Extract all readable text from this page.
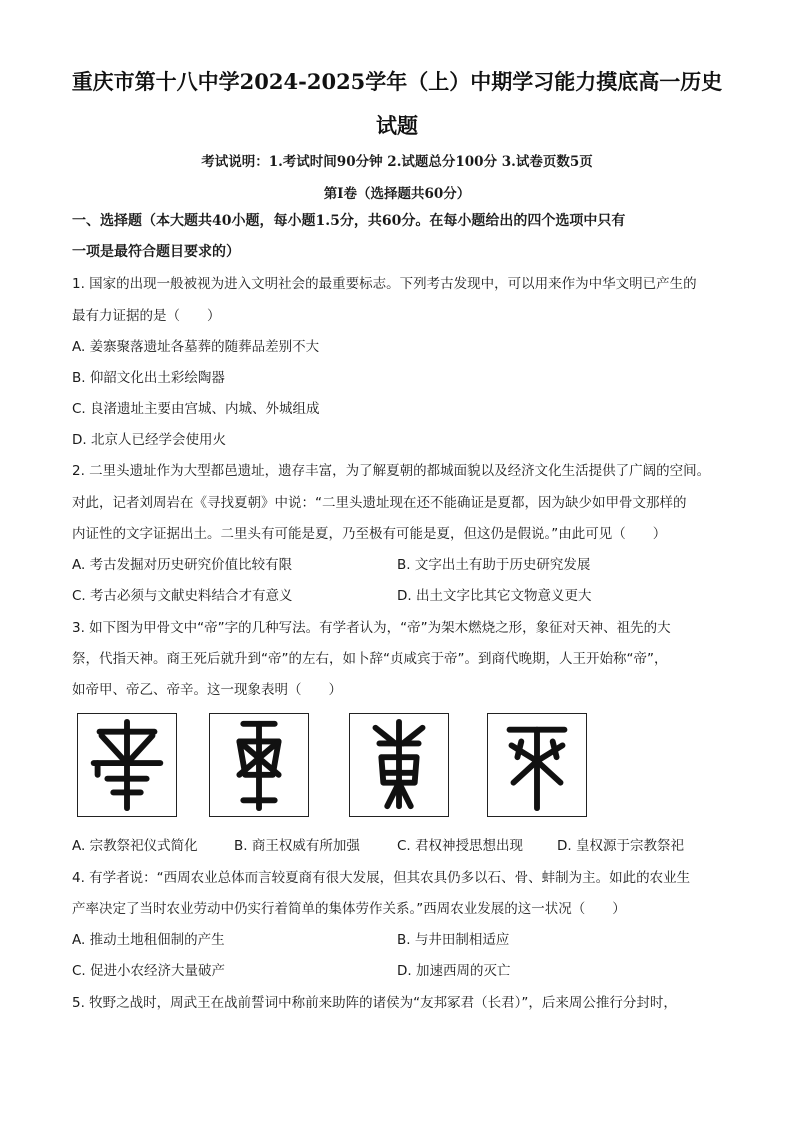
重庆市第十八中学2024-2025学年（上）中期学习能力摸底高一历史
试题
考试说明：1.考试时间90分钟 2.试题总分100分 3.试卷页数5页
第Ⅰ卷（选择题共60分）
一、选择题（本大题共40小题，每小题1.5分，共60分。在每小题给出的四个选项中只有
一项是最符合题目要求的）
1. 国家的出现一般被视为进入文明社会的最重要标志。下列考古发现中，可以用来作为中华文明已产生的
最有力证据的是（　　）
A. 姜寨聚落遗址各墓葬的随葬品差别不大
B. 仰韶文化出土彩绘陶器
C. 良渚遗址主要由宫城、内城、外城组成
D. 北京人已经学会使用火
2. 二里头遗址作为大型都邑遗址，遗存丰富，为了解夏朝的都城面貌以及经济文化生活提供了广阔的空间。
对此，记者刘周岩在《寻找夏朝》中说：“二里头遗址现在还不能确证是夏都，因为缺少如甲骨文那样的
内证性的文字证据出土。二里头有可能是夏，乃至极有可能是夏，但这仍是假说。”由此可见（　　）
A. 考古发掘对历史研究价值比较有限	B. 文字出土有助于历史研究发展
C. 考古必须与文献史料结合才有意义	D. 出土文字比其它文物意义更大
3. 如下图为甲骨文中“帝”字的几种写法。有学者认为，“帝”为架木燃烧之形，象征对天神、祖先的大
祭，代指天神。商王死后就升到“帝”的左右，如卜辞“贞咸宾于帝”。到商代晚期，人王开始称“帝”，
如帝甲、帝乙、帝辛。这一现象表明（　　）
A. 宗教祭祀仪式简化	B. 商王权威有所加强	C. 君权神授思想出现	D. 皇权源于宗教祭祀
4. 有学者说：“西周农业总体而言较夏商有很大发展，但其农具仍多以石、骨、蚌制为主。如此的农业生
产率决定了当时农业劳动中仍实行着简单的集体劳作关系。”西周农业发展的这一状况（　　）
A. 推动土地租佃制的产生	B. 与井田制相适应
C. 促进小农经济大量破产	D. 加速西周的灭亡
5. 牧野之战时，周武王在战前誓词中称前来助阵的诸侯为“友邦冢君（长君）”，后来周公推行分封时，
